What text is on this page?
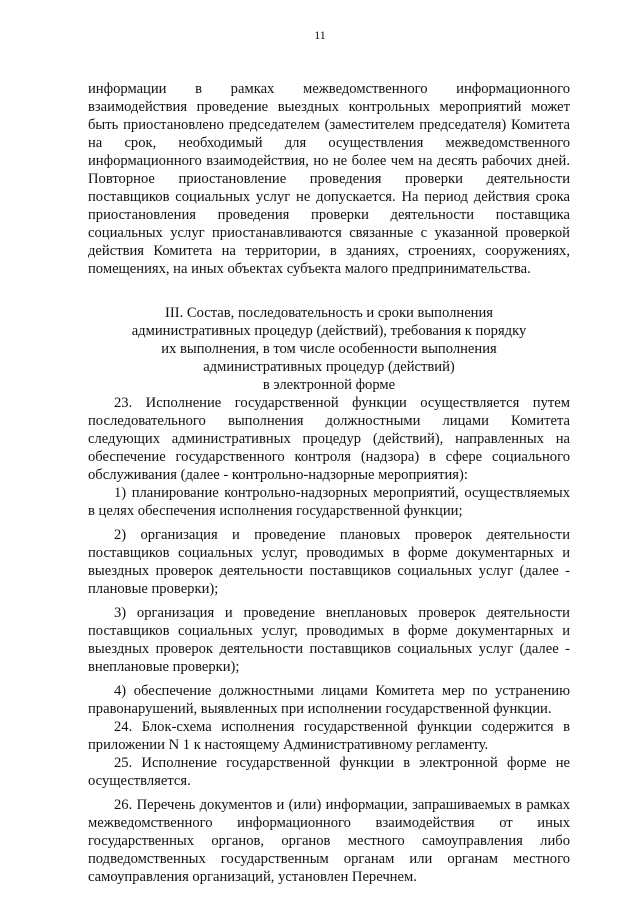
11

информации в рамках межведомственного информационного взаимодействия проведение выездных контрольных мероприятий может быть приостановлено председателем (заместителем председателя) Комитета на срок, необходимый для осуществления межведомственного информационного взаимодействия, но не более чем на десять рабочих дней. Повторное приостановление проведения проверки деятельности поставщиков социальных услуг не допускается. На период действия срока приостановления проведения проверки деятельности поставщика социальных услуг приостанавливаются связанные с указанной проверкой действия Комитета на территории, в зданиях, строениях, сооружениях, помещениях, на иных объектах субъекта малого предпринимательства.

III. Состав, последовательность и сроки выполнения
административных процедур (действий), требования к порядку
их выполнения, в том числе особенности выполнения
административных процедур (действий)
в электронной форме

23. Исполнение государственной функции осуществляется путем последовательного выполнения должностными лицами Комитета следующих административных процедур (действий), направленных на обеспечение государственного контроля (надзора) в сфере социального обслуживания (далее - контрольно-надзорные мероприятия):

1) планирование контрольно-надзорных мероприятий, осуществляемых в целях обеспечения исполнения государственной функции;

2) организация и проведение плановых проверок деятельности поставщиков социальных услуг, проводимых в форме документарных и выездных проверок деятельности поставщиков социальных услуг (далее - плановые проверки);

3) организация и проведение внеплановых проверок деятельности поставщиков социальных услуг, проводимых в форме документарных и выездных проверок деятельности поставщиков социальных услуг (далее - внеплановые проверки);

4) обеспечение должностными лицами Комитета мер по устранению правонарушений, выявленных при исполнении государственной функции.

24. Блок-схема исполнения государственной функции содержится в приложении N 1 к настоящему Административному регламенту.

25. Исполнение государственной функции в электронной форме не осуществляется.

26. Перечень документов и (или) информации, запрашиваемых в рамках межведомственного информационного взаимодействия от иных государственных органов, органов местного самоуправления либо подведомственных государственным органам или органам местного самоуправления организаций, установлен Перечнем.
